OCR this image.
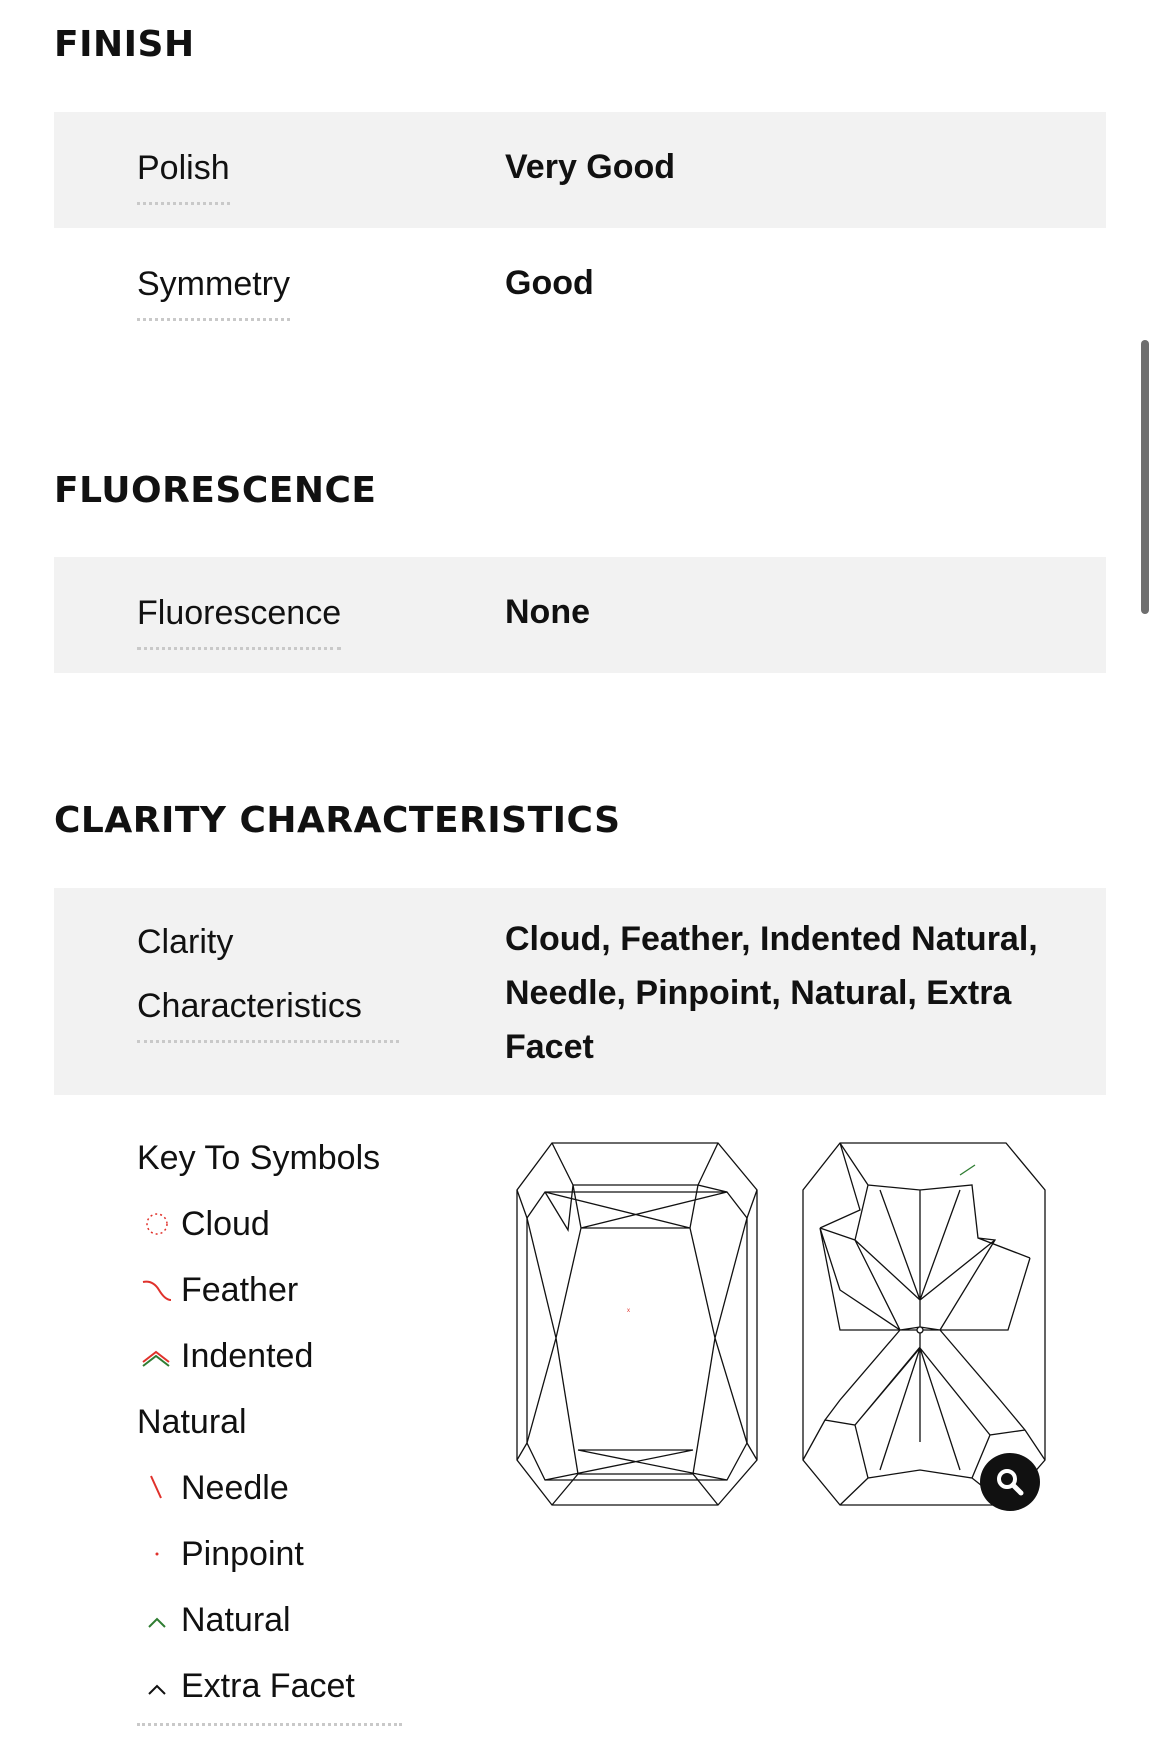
FINISH
Polish	Very Good
Symmetry	Good
FLUORESCENCE
Fluorescence	None
CLARITY CHARACTERISTICS
Clarity
Characteristics
Cloud, Feather, Indented Natural, Needle, Pinpoint, Natural, Extra Facet
Key To Symbols
Cloud
Feather
Indented
Natural
Needle
Pinpoint
Natural
Extra Facet
x
